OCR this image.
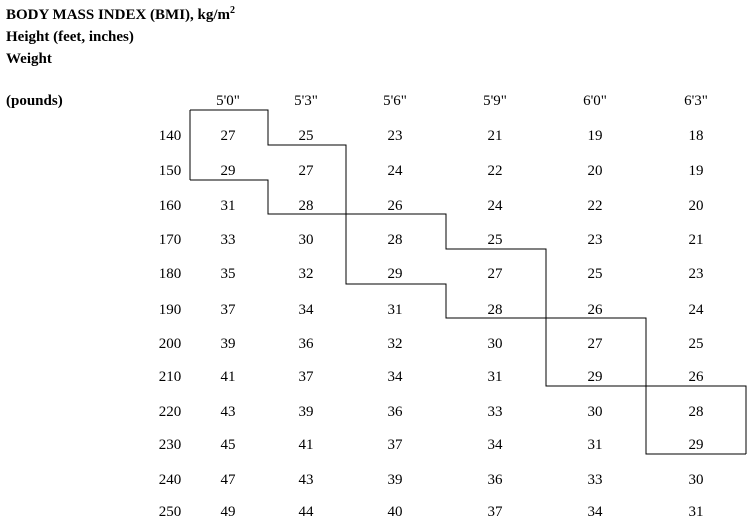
BODY MASS INDEX (BMI), $kg/m^2$
Height (feet, inches)
Weight
(pounds)	5'0"	5'3"	5'6"	5'9"	6'0"	6'3"
140	27	25	23	21	19	18
150	29	27	24	22	20	19
160	31	28	26	24	22	20
170	33	30	28	25	23	21
180	35	32	29	27	25	23
190	37	34	31	28	26	24
200	39	36	32	30	27	25
210	41	37	34	31	29	26
220	43	39	36	33	30	28
230	45	41	37	34	31	29
240	47	43	39	36	33	30
250	49	44	40	37	34	31
